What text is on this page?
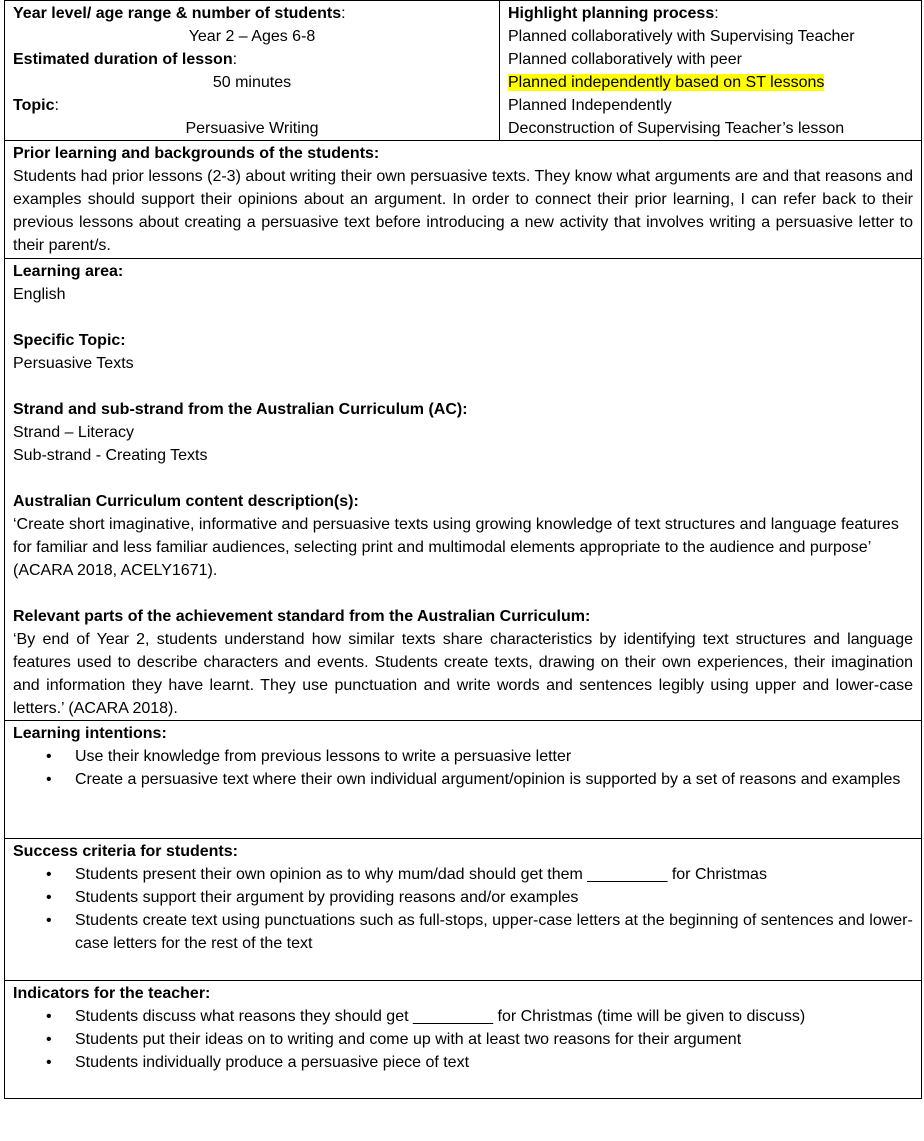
Year level/ age range & number of students:
Year 2 – Ages 6-8
Estimated duration of lesson:
50 minutes
Topic:
Persuasive Writing

Highlight planning process:
Planned collaboratively with Supervising Teacher
Planned collaboratively with peer
Planned independently based on ST lessons
Planned Independently
Deconstruction of Supervising Teacher’s lesson

Prior learning and backgrounds of the students:
Students had prior lessons (2-3) about writing their own persuasive texts. They know what arguments are and that reasons and examples should support their opinions about an argument. In order to connect their prior learning, I can refer back to their previous lessons about creating a persuasive text before introducing a new activity that involves writing a persuasive letter to their parent/s.

Learning area:
English
Specific Topic:
Persuasive Texts
Strand and sub-strand from the Australian Curriculum (AC):
Strand – Literacy
Sub-strand - Creating Texts
Australian Curriculum content description(s):
‘Create short imaginative, informative and persuasive texts using growing knowledge of text structures and language features for familiar and less familiar audiences, selecting print and multimodal elements appropriate to the audience and purpose’ (ACARA 2018, ACELY1671).
Relevant parts of the achievement standard from the Australian Curriculum:
‘By end of Year 2, students understand how similar texts share characteristics by identifying text structures and language features used to describe characters and events. Students create texts, drawing on their own experiences, their imagination and information they have learnt. They use punctuation and write words and sentences legibly using upper and lower-case letters.’ (ACARA 2018).

Learning intentions:
• Use their knowledge from previous lessons to write a persuasive letter
• Create a persuasive text where their own individual argument/opinion is supported by a set of reasons and examples

Success criteria for students:
• Students present their own opinion as to why mum/dad should get them _________ for Christmas
• Students support their argument by providing reasons and/or examples
• Students create text using punctuations such as full-stops, upper-case letters at the beginning of sentences and lower-case letters for the rest of the text

Indicators for the teacher:
• Students discuss what reasons they should get _________ for Christmas (time will be given to discuss)
• Students put their ideas on to writing and come up with at least two reasons for their argument
• Students individually produce a persuasive piece of text
